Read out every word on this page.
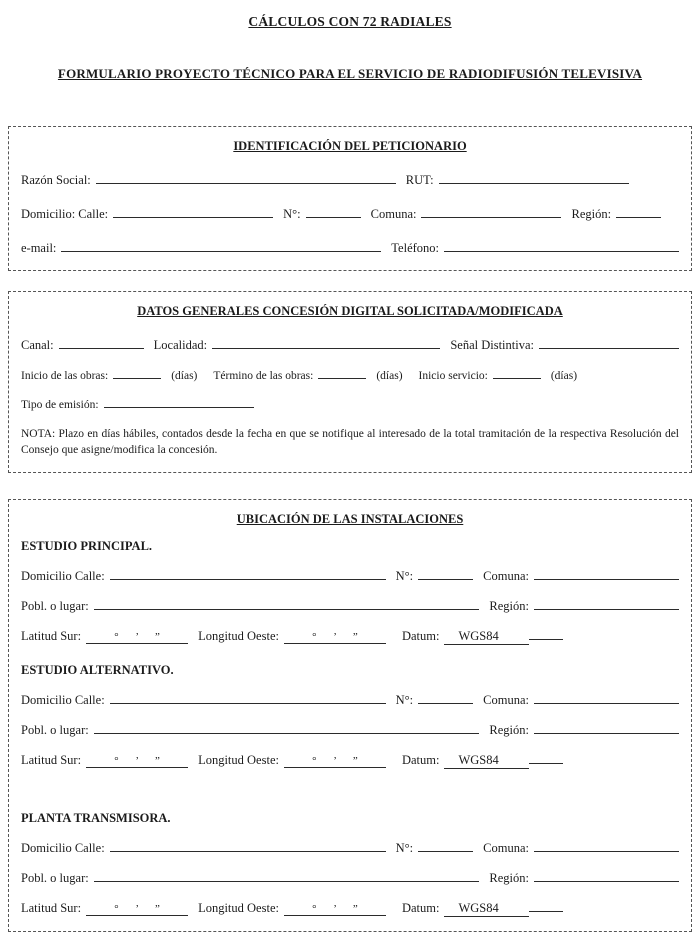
CÁLCULOS CON 72 RADIALES
FORMULARIO PROYECTO TÉCNICO PARA EL SERVICIO DE RADIODIFUSIÓN TELEVISIVA
IDENTIFICACIÓN DEL PETICIONARIO
Razón Social:	RUT:
Domicilio: Calle:	N°:	Comuna:	Región:
e-mail:	Teléfono:
DATOS GENERALES CONCESIÓN DIGITAL SOLICITADA/MODIFICADA
Canal:	Localidad:	Señal Distintiva:
Inicio de las obras:	(días) Término de las obras:	(días) Inicio servicio:	(días)
Tipo de emisión:
NOTA: Plazo en días hábiles, contados desde la fecha en que se notifique al interesado de la total tramitación de la respectiva Resolución del Consejo que asigne/modifica la concesión.
UBICACIÓN DE LAS INSTALACIONES
ESTUDIO PRINCIPAL.
Domicilio Calle:	N°:	Comuna:
Pobl. o lugar:	Región:
Latitud Sur:	° ’ ”	Longitud Oeste:	° ’ ”	Datum:	WGS84
ESTUDIO ALTERNATIVO.
Domicilio Calle:	N°:	Comuna:
Pobl. o lugar:	Región:
Latitud Sur:	° ’ ”	Longitud Oeste:	° ’ ”	Datum:	WGS84
PLANTA TRANSMISORA.
Domicilio Calle:	N°:	Comuna:
Pobl. o lugar:	Región:
Latitud Sur:	° ’ ”	Longitud Oeste:	° ’ ”	Datum:	WGS84
